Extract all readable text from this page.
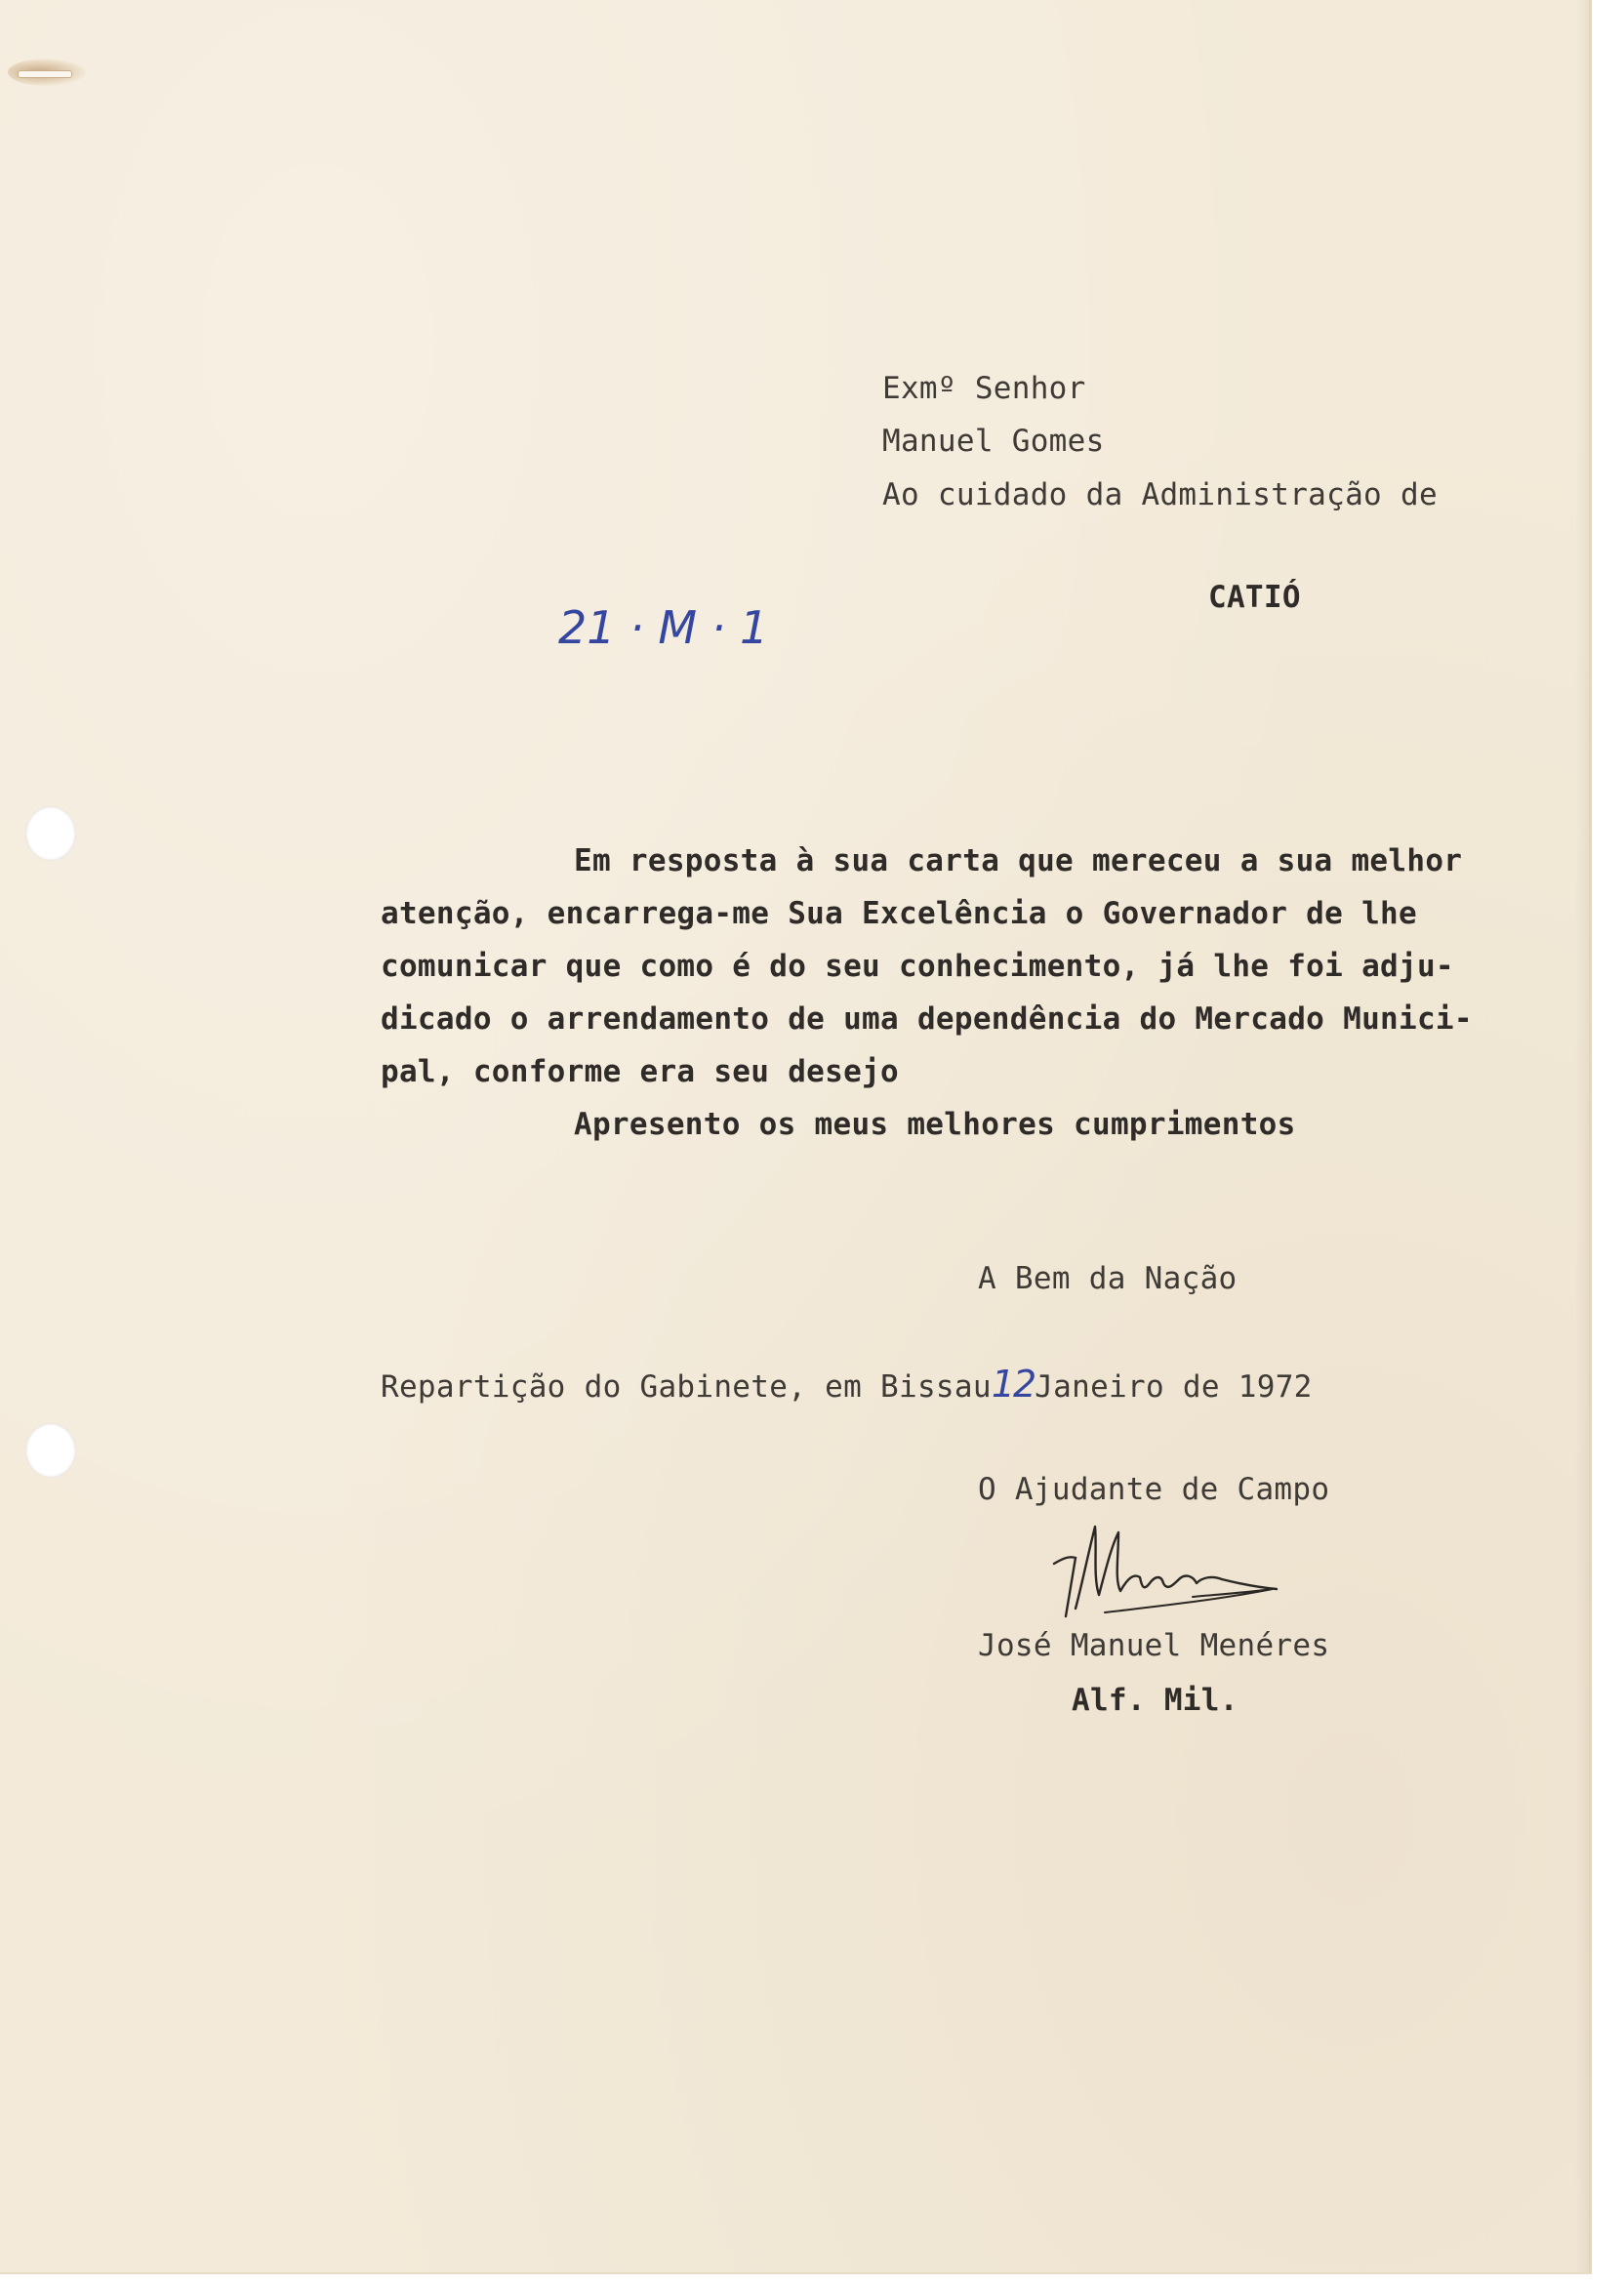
Exmº Senhor
Manuel Gomes
Ao cuidado da Administração de
CATIÓ
21 · M · 1
Em resposta à sua carta que mereceu a sua melhor
atenção, encarrega-me Sua Excelência o Governador de lhe
comunicar que como é do seu conhecimento, já lhe foi adju-
dicado o arrendamento de uma dependência do Mercado Munici-
pal, conforme era seu desejo
Apresento os meus melhores cumprimentos
A Bem da Nação
Repartição do Gabinete, em Bissau12Janeiro de 1972
O Ajudante de Campo
José Manuel Menéres
Alf. Mil.
